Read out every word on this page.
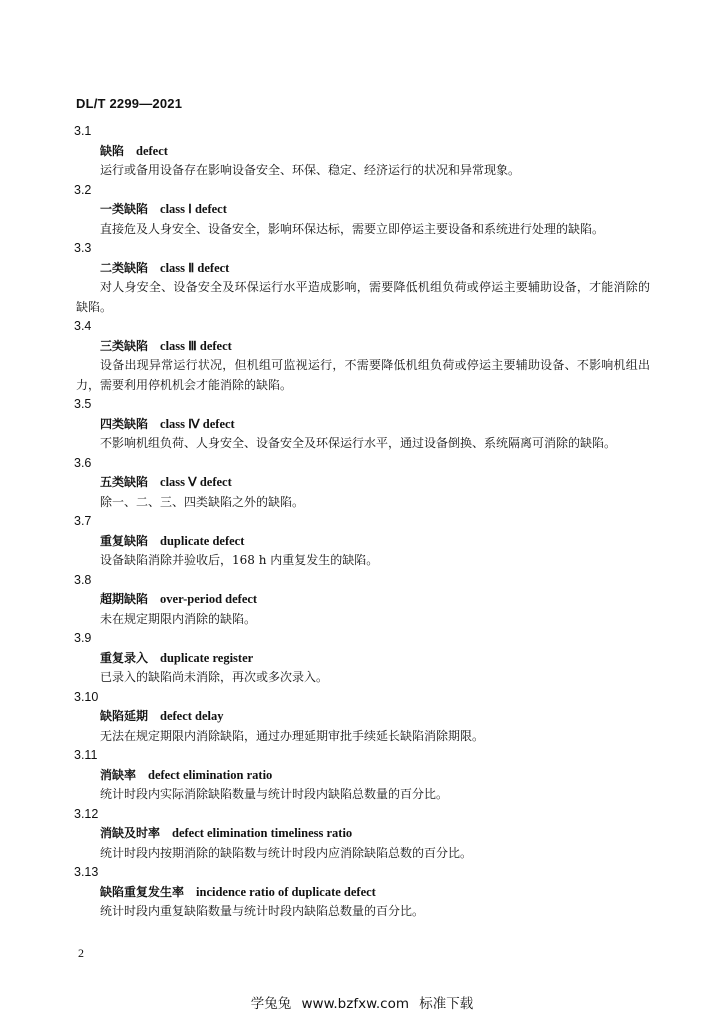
DL/T 2299—2021
3.1
缺陷 defect
运行或备用设备存在影响设备安全、环保、稳定、经济运行的状况和异常现象。
3.2
一类缺陷 class Ⅰ defect
直接危及人身安全、设备安全，影响环保达标，需要立即停运主要设备和系统进行处理的缺陷。
3.3
二类缺陷 class Ⅱ defect
对人身安全、设备安全及环保运行水平造成影响，需要降低机组负荷或停运主要辅助设备，才能消除的缺陷。
3.4
三类缺陷 class Ⅲ defect
设备出现异常运行状况，但机组可监视运行，不需要降低机组负荷或停运主要辅助设备、不影响机组出力，需要利用停机机会才能消除的缺陷。
3.5
四类缺陷 class Ⅳ defect
不影响机组负荷、人身安全、设备安全及环保运行水平，通过设备倒换、系统隔离可消除的缺陷。
3.6
五类缺陷 class Ⅴ defect
除一、二、三、四类缺陷之外的缺陷。
3.7
重复缺陷 duplicate defect
设备缺陷消除并验收后，168 h 内重复发生的缺陷。
3.8
超期缺陷 over-period defect
未在规定期限内消除的缺陷。
3.9
重复录入 duplicate register
已录入的缺陷尚未消除，再次或多次录入。
3.10
缺陷延期 defect delay
无法在规定期限内消除缺陷，通过办理延期审批手续延长缺陷消除期限。
3.11
消缺率 defect elimination ratio
统计时段内实际消除缺陷数量与统计时段内缺陷总数量的百分比。
3.12
消缺及时率 defect elimination timeliness ratio
统计时段内按期消除的缺陷数与统计时段内应消除缺陷总数的百分比。
3.13
缺陷重复发生率 incidence ratio of duplicate defect
统计时段内重复缺陷数量与统计时段内缺陷总数量的百分比。
2
学兔兔 www.bzfxw.com 标准下载
